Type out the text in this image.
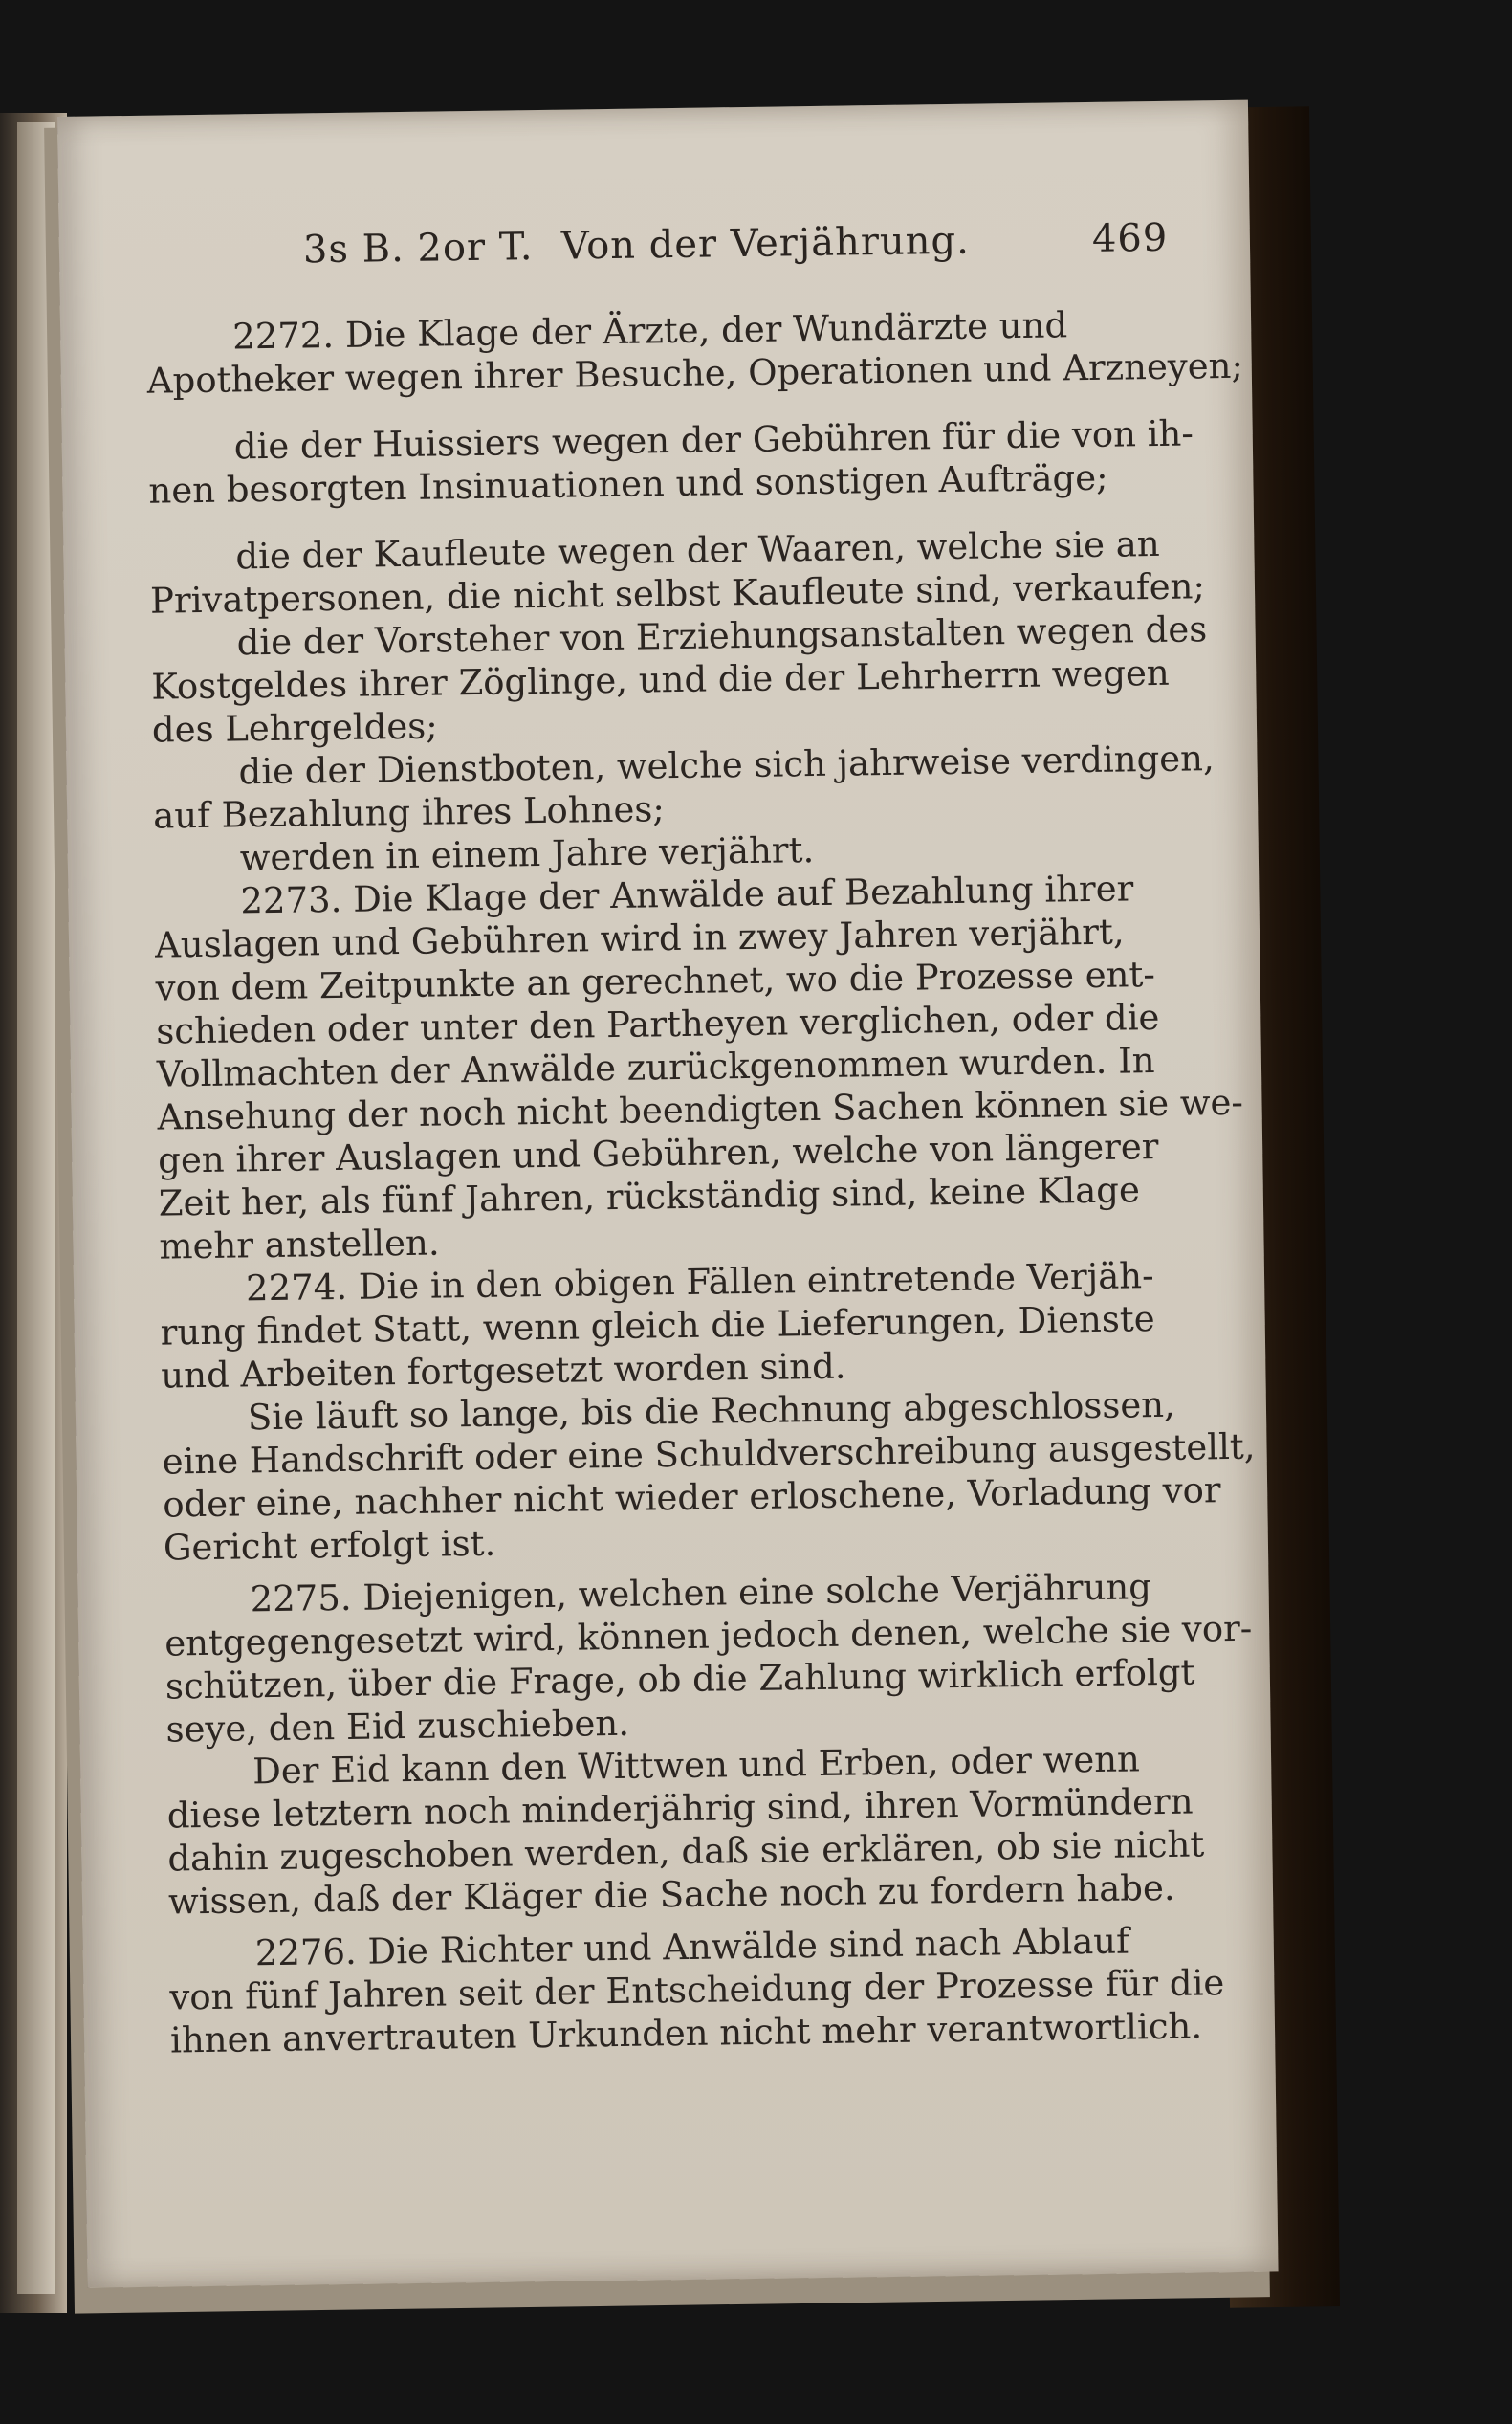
3s B. 2or T. Von der Verjährung.	469
2272. Die Klage der Ärzte, der Wundärzte und
Apotheker wegen ihrer Besuche, Operationen und Arzneyen;
die der Huissiers wegen der Gebühren für die von ih-
nen besorgten Insinuationen und sonstigen Aufträge;
die der Kaufleute wegen der Waaren, welche sie an
Privatpersonen, die nicht selbst Kaufleute sind, verkaufen;
die der Vorsteher von Erziehungsanstalten wegen des
Kostgeldes ihrer Zöglinge, und die der Lehrherrn wegen
des Lehrgeldes;
die der Dienstboten, welche sich jahrweise verdingen,
auf Bezahlung ihres Lohnes;
werden in einem Jahre verjährt.
2273. Die Klage der Anwälde auf Bezahlung ihrer
Auslagen und Gebühren wird in zwey Jahren verjährt,
von dem Zeitpunkte an gerechnet, wo die Prozesse ent-
schieden oder unter den Partheyen verglichen, oder die
Vollmachten der Anwälde zurückgenommen wurden. In
Ansehung der noch nicht beendigten Sachen können sie we-
gen ihrer Auslagen und Gebühren, welche von längerer
Zeit her, als fünf Jahren, rückständig sind, keine Klage
mehr anstellen.
2274. Die in den obigen Fällen eintretende Verjäh-
rung findet Statt, wenn gleich die Lieferungen, Dienste
und Arbeiten fortgesetzt worden sind.
Sie läuft so lange, bis die Rechnung abgeschlossen,
eine Handschrift oder eine Schuldverschreibung ausgestellt,
oder eine, nachher nicht wieder erloschene, Vorladung vor
Gericht erfolgt ist.
2275. Diejenigen, welchen eine solche Verjährung
entgegengesetzt wird, können jedoch denen, welche sie vor-
schützen, über die Frage, ob die Zahlung wirklich erfolgt
seye, den Eid zuschieben.
Der Eid kann den Wittwen und Erben, oder wenn
diese letztern noch minderjährig sind, ihren Vormündern
dahin zugeschoben werden, daß sie erklären, ob sie nicht
wissen, daß der Kläger die Sache noch zu fordern habe.
2276. Die Richter und Anwälde sind nach Ablauf
von fünf Jahren seit der Entscheidung der Prozesse für die
ihnen anvertrauten Urkunden nicht mehr verantwortlich.
